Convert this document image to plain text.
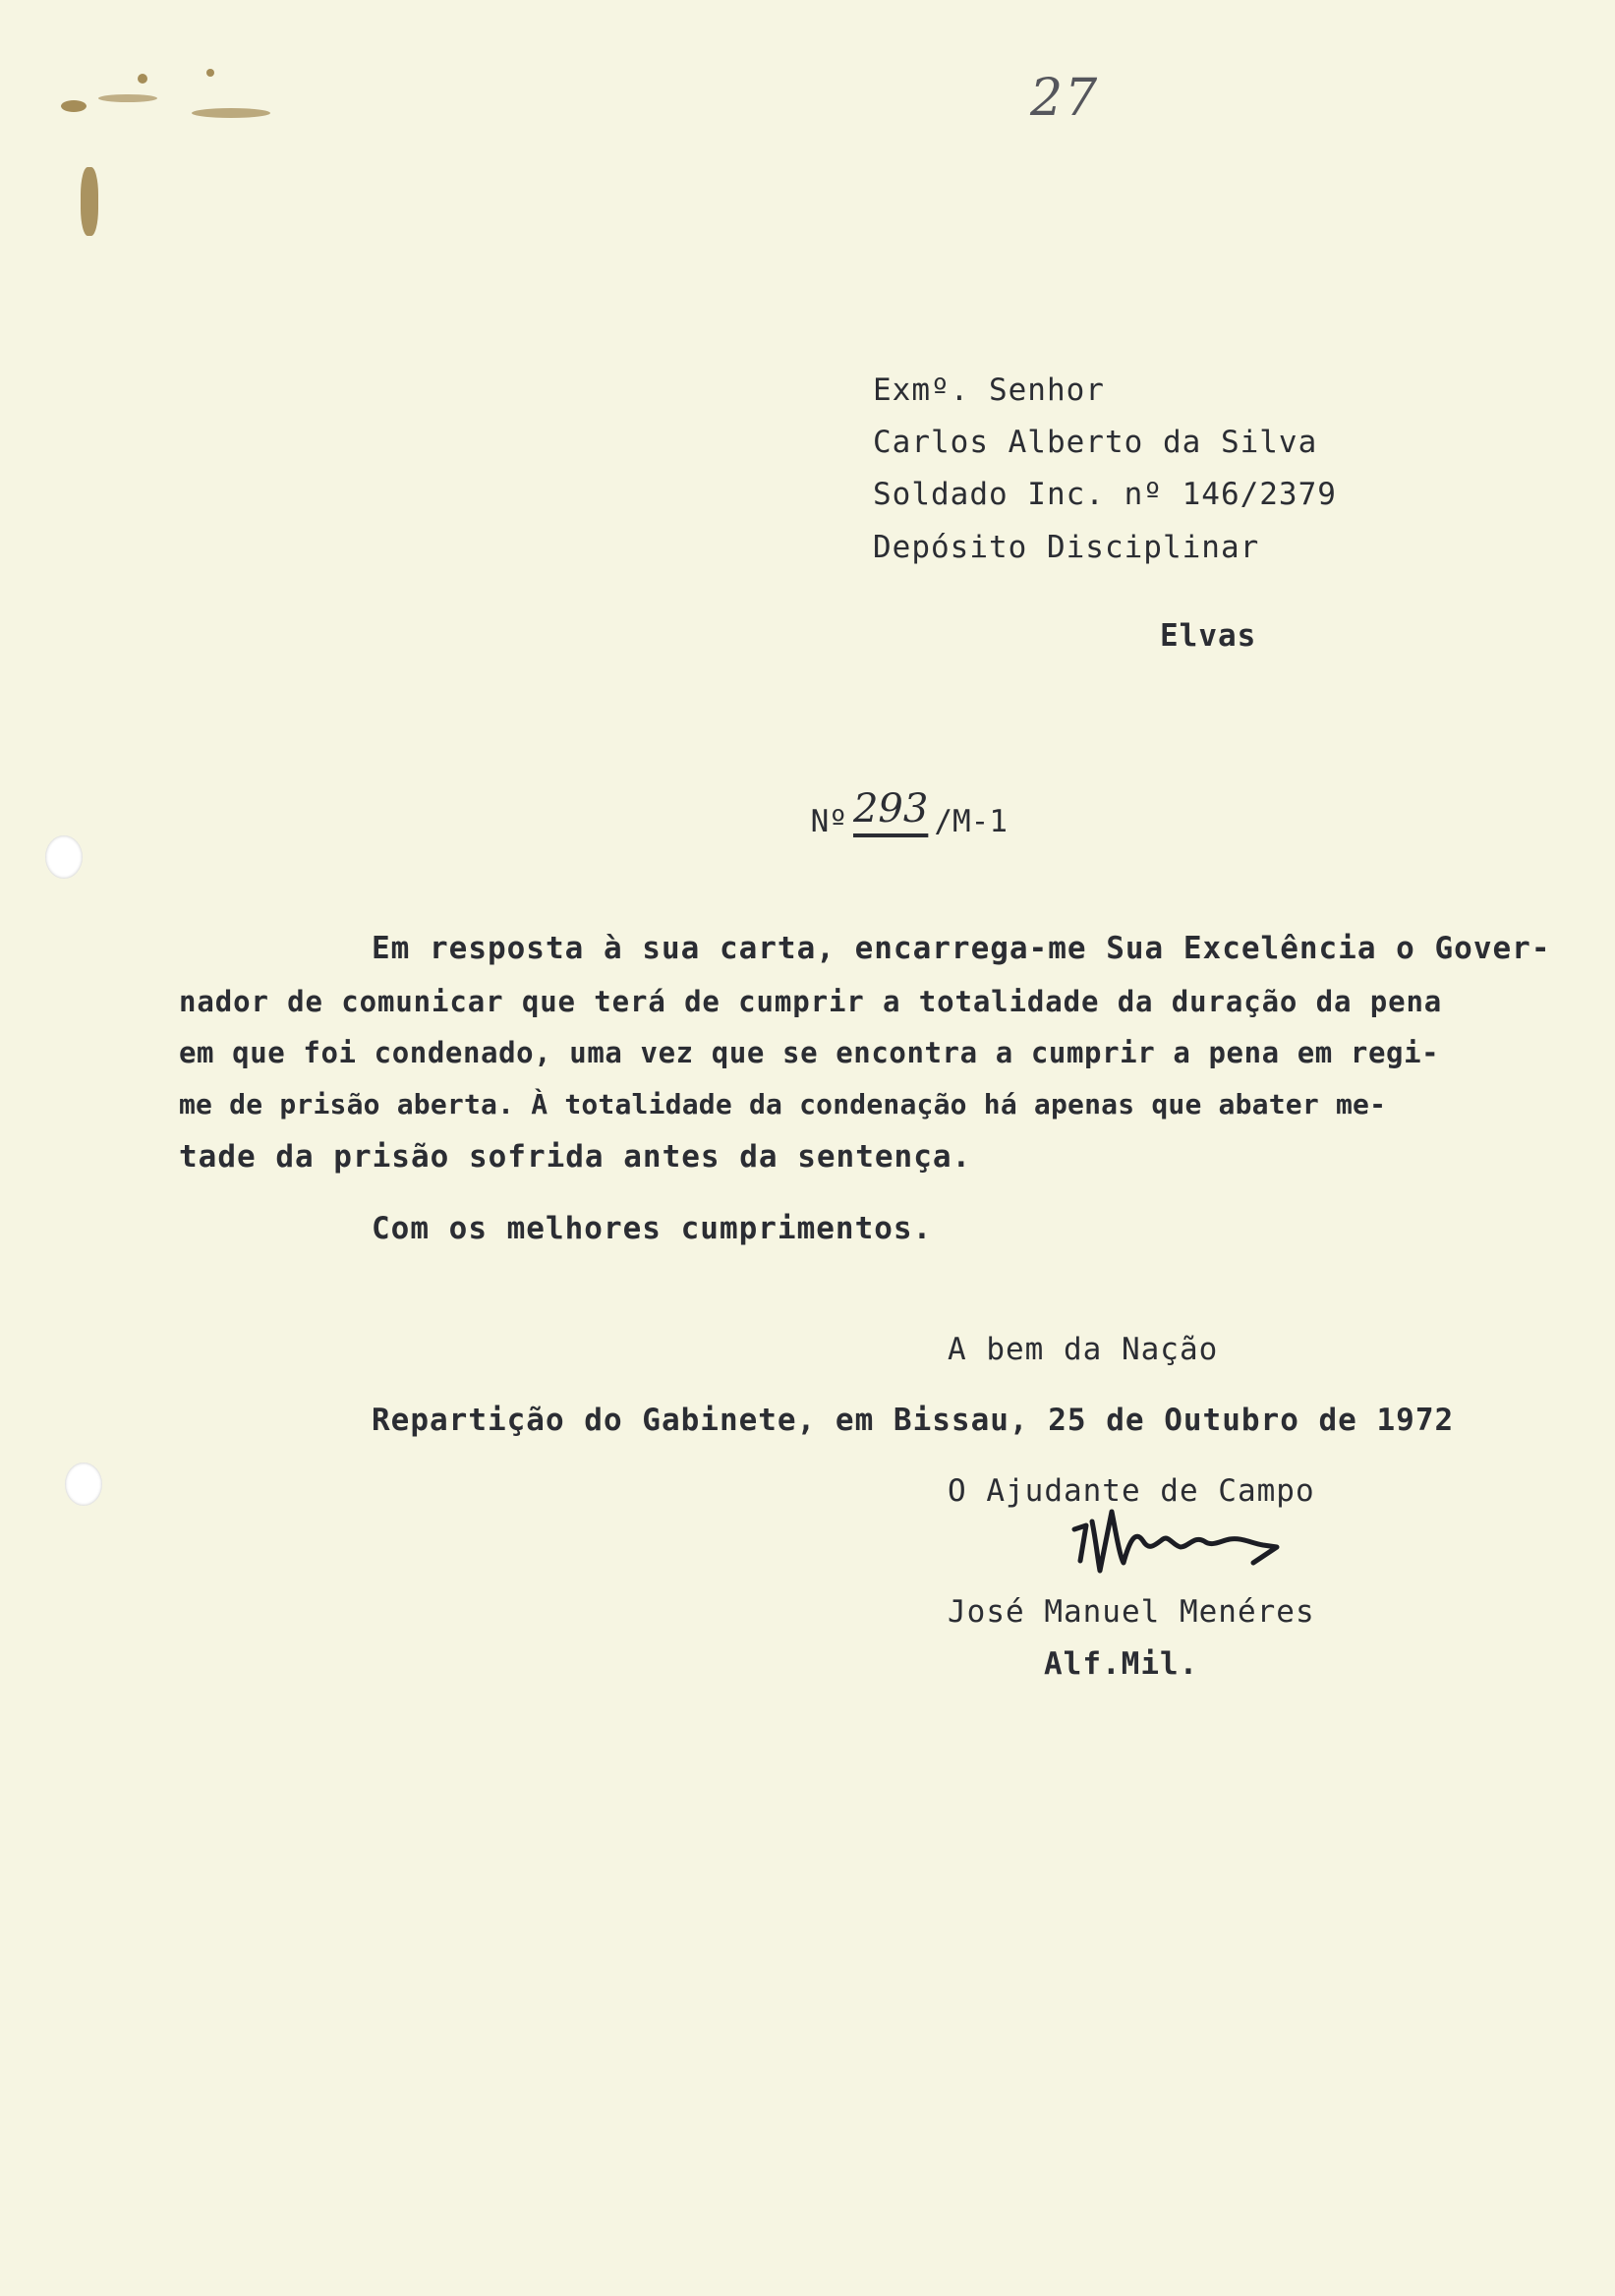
27
Exmº. Senhor
Carlos Alberto da Silva
Soldado Inc. nº 146/2379
Depósito Disciplinar
Elvas

Nº 293 /M-1

Em resposta à sua carta, encarrega-me Sua Excelência o Gover-
nador de comunicar que terá de cumprir a totalidade da duração da pena
em que foi condenado, uma vez que se encontra a cumprir a pena em regi-
me de prisão aberta. À totalidade da condenação há apenas que abater me-
tade da prisão sofrida antes da sentença.
Com os melhores cumprimentos.
A bem da Nação
Repartição do Gabinete, em Bissau, 25 de Outubro de 1972
O Ajudante de Campo
José Manuel Menéres
Alf.Mil.
